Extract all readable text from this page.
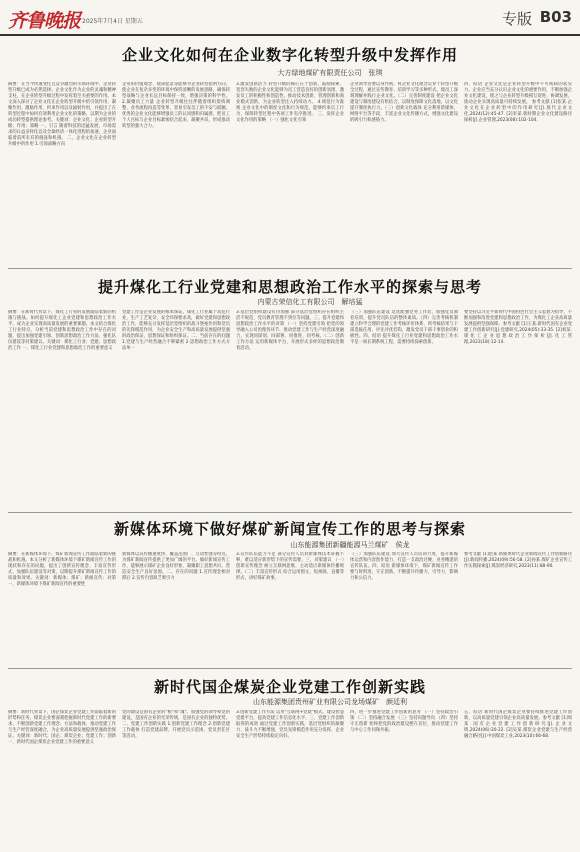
齐鲁晚报 2025年7月4日 星期五	专版 B03
企业文化如何在企业数字化转型升级中发挥作用
大方绿地煤矿有限责任公司　张琪
摘要：在当今快速变化且竞争激烈的市场环境中，企业转型升级已成为必然选择。企业文化作为企业的灵魂和精神支柱，在企业转型升级过程中发挥着至关重要的作用。本文深入探讨了企业文化在企业转型升级中的引领作用、凝聚作用、激励作用、约束作用以及辐射作用，并提出了在转型过程中如何有效利用企业文化的策略，以期为企业的成功转型提供理论参考。关键词：企业文化；企业转型升级；作用；策略 一、引言 随着科技的迅猛发展、市场需求的日益多样化以及全球经济一体化进程的加速，企业面临着前所未有的挑战和机遇。 二、企业文化在企业转型升级中的作用 1.引领战略方向
企业的价值观念、使命愿景等能够为企业转型指明方向，使企业在复杂多变的环境中保持清晰的发展思路，确保转型战略与企业长远目标保持一致，增强决策的科学性。 2.凝聚员工力量 企业转型升级往往伴随着组织架构调整、业务流程再造等变革，容易引发员工的不安与抵触。优秀的企业文化能够增强员工的认同感和归属感，把员工个人目标与企业目标紧密结合起来，凝聚共识，形成推动转型的强大合力。
3.激发创新活力 转型升级的核心在于创新。鼓励探索、宽容失败的企业文化能够为员工营造良好的创新氛围，激发员工的积极性和创造性，推动技术创新、管理创新和商业模式创新，为企业转型注入持续动力。 4.规范行为准则 企业文化中的制度文化和行为规范，能够约束员工行为，保障转型过程中各项工作有序推进。 三、发挥企业文化作用的策略 （一）强化文化引领
企业领导者要以身作则，将企业文化理念贯穿于转型升级全过程，通过宣传教育、培训学习等多种形式，使员工深刻理解并践行企业文化。（二）完善制度建设 把企业文化建设与制度建设有机结合，以制度保障文化落地，以文化提升制度执行力。（三）创新文化载体 充分利用新媒体、网络平台等手段，丰富企业文化传播方式，增强文化建设的吸引力和感染力。
四、结语 企业文化是企业转型升级中不可或缺的软实力。企业应当充分认识企业文化的重要作用，不断加强企业文化建设，使之与企业转型升级相互促进、协调发展，推动企业实现高质量可持续发展。 参考文献 [1]张某.企业文化在企业转型中的作用研究[J].现代企业文化,2024(12):45-47. [2]李某.新时期企业文化建设路径探析[J].企业管理,2023(08):102-104.
提升煤化工行业党建和思想政治工作水平的探索与思考
内蒙古荣信化工有限公司　解培猛
摘要：在新时代背景下，煤化工行业的发展面临着新的机遇与挑战。如何提升煤化工企业党建和思想政治工作水平，成为企业实现高质量发展的重要课题。本文结合煤化工行业特点，分析当前党建和思想政治工作中存在的问题，提出加强党建引领、创新思想政治工作方法、强化队伍建设等对策建议。关键词：煤化工行业；党建；思想政治工作 一、煤化工行业党建和思想政治工作的重要意义
党建工作是企业发展的根本保证。煤化工行业属于高危行业，生产工艺复杂，安全环保要求高，做好党建和思想政治工作，能够充分发挥基层党组织的战斗堡垒作用和党员的先锋模范作用，为企业安全生产和高质量发展提供坚强的政治保证、思想保证和组织保证。二、当前存在的问题 1.党建与生产经营融合不够紧密 2.思想政治工作方式方法单一
3.基层党组织建设有待加强 部分基层党组织存在组织生活不规范、党员教育管理不到位等问题。三、提升党建和思想政治工作水平的对策 （一）坚持党建引领 把党的领导融入公司治理各环节，推动党建工作与生产经营深度融合，实现同谋划、同部署、同推进、同考核。（二）创新工作方法 运用新媒体平台，开展形式多样的思想政治教育活动。
（三）加强队伍建设 选优配强党务工作者，加强党员教育培训，提升党员队伍的整体素质。（四）完善考核机制 建立科学合理的党建工作考核评价体系，将考核结果与干部选拔任用、评先评优挂钩，激发党员干部干事创业的积极性。四、结语 提升煤化工行业党建和思想政治工作水平是一项长期系统工程，需要持续探索创新。
要坚持以习近平新时代中国特色社会主义思想为指导，不断加强和改进党建和思想政治工作，为煤化工企业高质量发展提供坚强保障。参考文献 [1]王某.新时代国有企业党建工作创新研究[J].党建研究,2024(05):33-35. [2]刘某.煤化工企业思想政治工作探析[J].化工管理,2023(18):12-14.
新媒体环境下做好煤矿新闻宣传工作的思考与探索
山东能源集团新疆能源马兰煤矿　侯龙
摘要：在新媒体环境下，煤矿新闻宣传工作面临着新的挑战和机遇。本文分析了新媒体环境下煤矿新闻宣传工作的现状和存在的问题，提出了创新宣传理念、丰富宣传形式、加强队伍建设等对策，以期提升煤矿新闻宣传工作的质量和效果。关键词：新媒体；煤矿；新闻宣传；对策 一、新媒体环境下煤矿新闻宣传的重要性
新媒体以其传播速度快、覆盖范围广、互动性强等特点，为煤矿新闻宣传提供了更加广阔的平台。做好新闻宣传工作，能够展示煤矿企业良好形象，凝聚职工思想共识，营造安全生产良好氛围。二、存在的问题 1.宣传理念相对滞后 2.宣传内容缺乏吸引力
3.宣传队伍能力不足 部分宣传人员对新媒体技术掌握不够，难以适应新形势下的宣传需要。三、对策建议 （一）创新宣传理念 树立互联网思维，主动适应新媒体传播规律。（二）丰富宣传形式 综合运用图文、短视频、直播等形式，讲好煤矿故事。
（三）加强队伍建设 加大宣传人员培训力度，提升新媒体运营和内容创作能力，打造一支政治过硬、业务精湛的宣传队伍。四、结语 新媒体环境下，煤矿新闻宣传工作要与时俱进、守正创新，不断提升传播力、引导力、影响力和公信力。
参考文献 [1]赵某.新媒体时代企业新闻宣传工作创新路径[J].新闻传播,2024(09):56-58. [2]孙某.煤矿企业宣传工作实践探索[J].煤炭经济研究,2023(11):88-90.
新时代国企煤炭企业党建工作创新实践
山东能源集团贵州矿业有限公司龙场煤矿　颜廷利
摘要：新时代背景下，国企煤炭企业党建工作面临着新的形势和任务。煤炭企业要深刻把握新时代党建工作的新要求，不断创新党建工作理念、方法和载体，推动党建工作与生产经营深度融合，为企业高质量发展提供坚强政治保证。关键词：新时代；国企；煤炭企业；党建工作；创新 一、新时代国企煤炭企业党建工作的重要意义
党的建设是国有企业的"根"和"魂"。加强党的领导和党的建设，是国有企业的光荣传统，是国有企业的独特优势。二、党建工作创新实践 1.创新党建工作理念 2.创新党建工作载体 打造党建品牌，开展党员示范岗、党员责任区等活动。
3.创新党建工作方法 运用"互联网+党建"模式，建设智慧党建平台，提高党建工作信息化水平。三、党建工作创新取得的成效 通过党建工作创新实践，基层党组织的凝聚力、战斗力不断增强，党员先锋模范作用充分发挥，企业安全生产形势持续稳定向好。
四、进一步推进党建工作创新的思考 （一）坚持政治引领 （二）坚持融合发展 （三）坚持问题导向 （四）坚持守正创新 始终把党的政治建设摆在首位，推动党建工作与中心工作同频共振。
五、结语 新时代国企煤炭企业要持续推进党建工作创新，以高质量党建引领企业高质量发展。参考文献 [1]周某.国有企业党建工作创新研究[J].企业文明,2024(06):20-22. [2]吴某.煤炭企业党建与生产经营融合路径[J].中国煤炭工业,2023(10):66-68.
